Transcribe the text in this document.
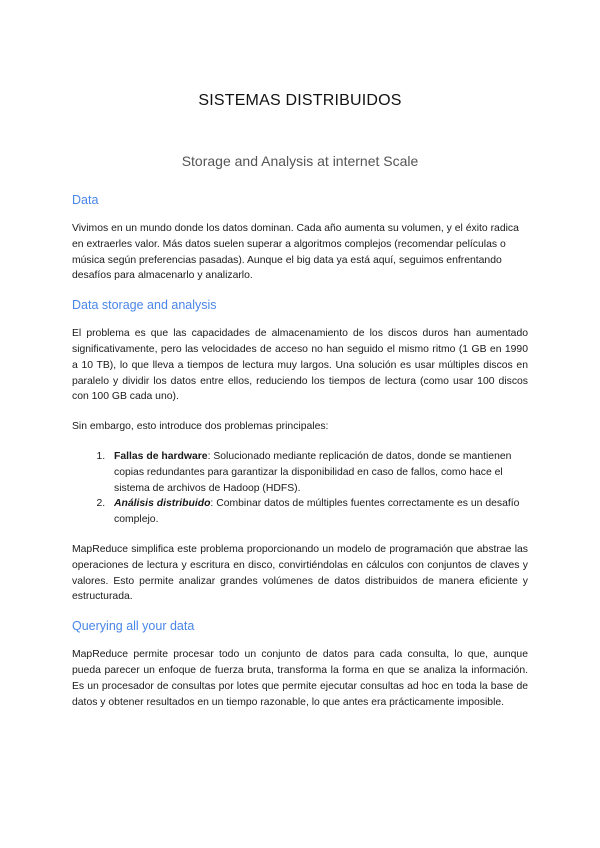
SISTEMAS DISTRIBUIDOS
Storage and Analysis at internet Scale
Data

Vivimos en un mundo donde los datos dominan. Cada año aumenta su volumen, y el éxito radica en extraerles valor. Más datos suelen superar a algoritmos complejos (recomendar películas o música según preferencias pasadas). Aunque el big data ya está aquí, seguimos enfrentando desafíos para almacenarlo y analizarlo.

Data storage and analysis

El problema es que las capacidades de almacenamiento de los discos duros han aumentado significativamente, pero las velocidades de acceso no han seguido el mismo ritmo (1 GB en 1990 a 10 TB), lo que lleva a tiempos de lectura muy largos. Una solución es usar múltiples discos en paralelo y dividir los datos entre ellos, reduciendo los tiempos de lectura (como usar 100 discos con 100 GB cada uno).

Sin embargo, esto introduce dos problemas principales:

1. Fallas de hardware: Solucionado mediante replicación de datos, donde se mantienen copias redundantes para garantizar la disponibilidad en caso de fallos, como hace el sistema de archivos de Hadoop (HDFS).
2. Análisis distribuido: Combinar datos de múltiples fuentes correctamente es un desafío complejo.

MapReduce simplifica este problema proporcionando un modelo de programación que abstrae las operaciones de lectura y escritura en disco, convirtiéndolas en cálculos con conjuntos de claves y valores. Esto permite analizar grandes volúmenes de datos distribuidos de manera eficiente y estructurada.

Querying all your data

MapReduce permite procesar todo un conjunto de datos para cada consulta, lo que, aunque pueda parecer un enfoque de fuerza bruta, transforma la forma en que se analiza la información. Es un procesador de consultas por lotes que permite ejecutar consultas ad hoc en toda la base de datos y obtener resultados en un tiempo razonable, lo que antes era prácticamente imposible.
